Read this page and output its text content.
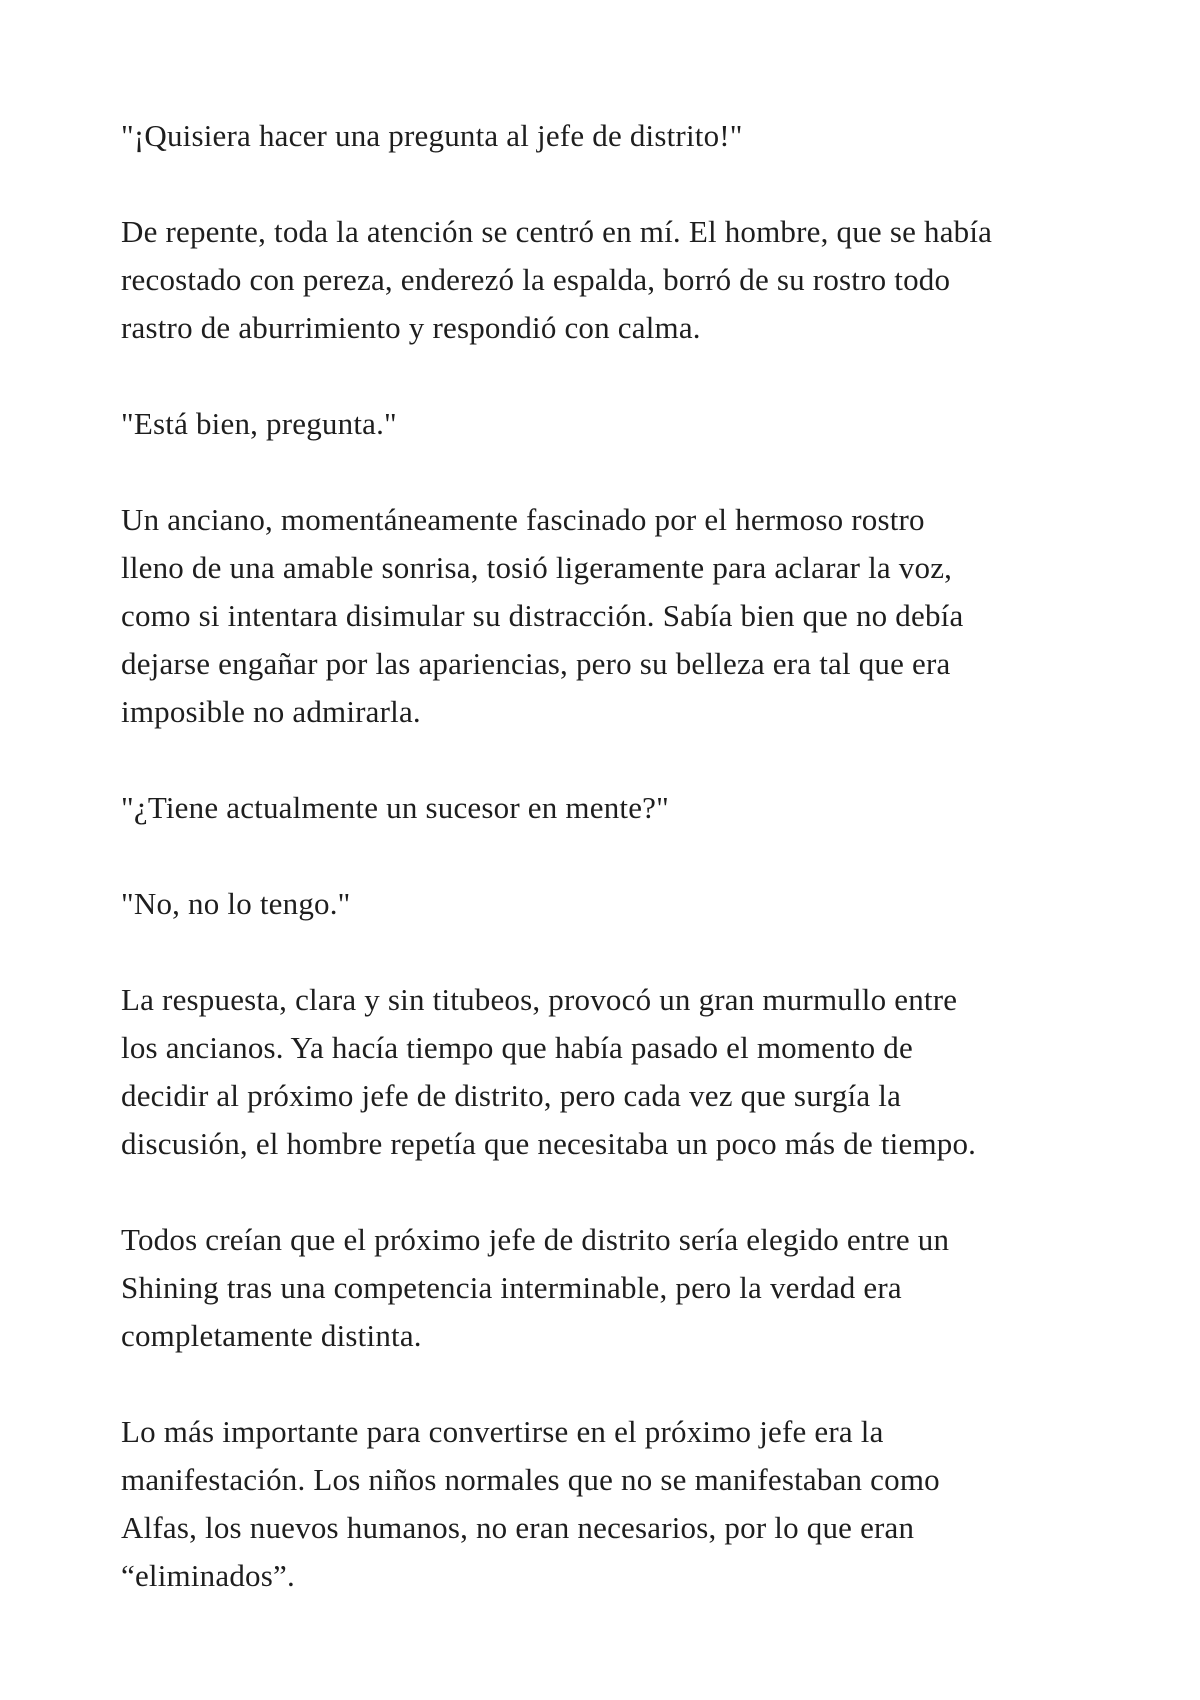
"¡Quisiera hacer una pregunta al jefe de distrito!"

De repente, toda la atención se centró en mí. El hombre, que se había
recostado con pereza, enderezó la espalda, borró de su rostro todo
rastro de aburrimiento y respondió con calma.

"Está bien, pregunta."

Un anciano, momentáneamente fascinado por el hermoso rostro
lleno de una amable sonrisa, tosió ligeramente para aclarar la voz,
como si intentara disimular su distracción. Sabía bien que no debía
dejarse engañar por las apariencias, pero su belleza era tal que era
imposible no admirarla.

"¿Tiene actualmente un sucesor en mente?"

"No, no lo tengo."

La respuesta, clara y sin titubeos, provocó un gran murmullo entre
los ancianos. Ya hacía tiempo que había pasado el momento de
decidir al próximo jefe de distrito, pero cada vez que surgía la
discusión, el hombre repetía que necesitaba un poco más de tiempo.

Todos creían que el próximo jefe de distrito sería elegido entre un
Shining tras una competencia interminable, pero la verdad era
completamente distinta.

Lo más importante para convertirse en el próximo jefe era la
manifestación. Los niños normales que no se manifestaban como
Alfas, los nuevos humanos, no eran necesarios, por lo que eran
“eliminados”.
